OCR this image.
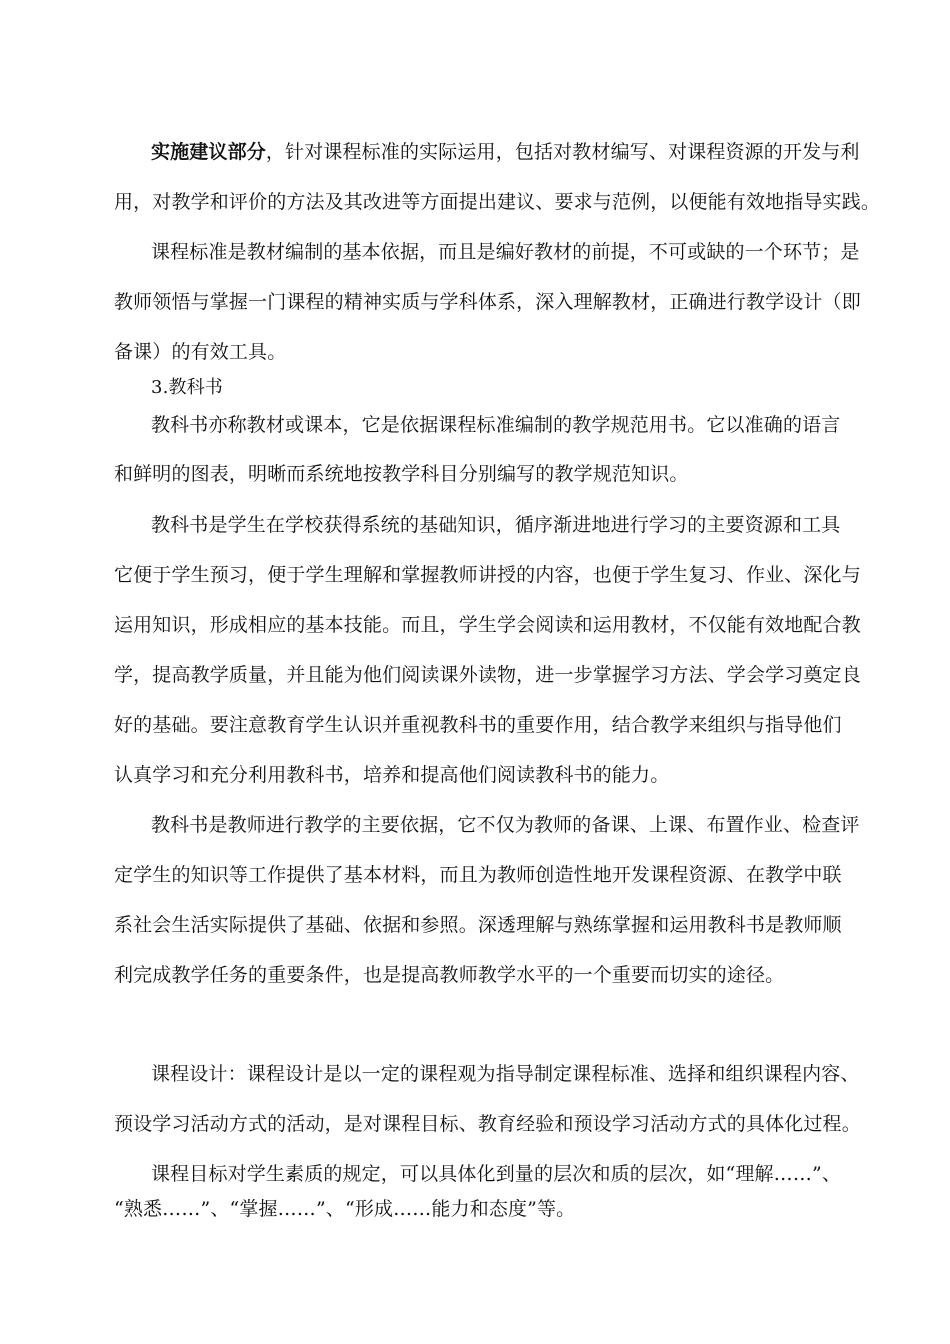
实施建议部分，针对课程标准的实际运用，包括对教材编写、对课程资源的开发与利
用，对教学和评价的方法及其改进等方面提出建议、要求与范例，以便能有效地指导实践。
课程标准是教材编制的基本依据，而且是编好教材的前提，不可或缺的一个环节；是
教师领悟与掌握一门课程的精神实质与学科体系，深入理解教材，正确进行教学设计（即
备课）的有效工具。
3.教科书
教科书亦称教材或课本，它是依据课程标准编制的教学规范用书。它以准确的语言
和鲜明的图表，明晰而系统地按教学科目分别编写的教学规范知识。
教科书是学生在学校获得系统的基础知识，循序渐进地进行学习的主要资源和工具
它便于学生预习，便于学生理解和掌握教师讲授的内容，也便于学生复习、作业、深化与
运用知识，形成相应的基本技能。而且，学生学会阅读和运用教材，不仅能有效地配合教
学，提高教学质量，并且能为他们阅读课外读物，进一步掌握学习方法、学会学习奠定良
好的基础。要注意教育学生认识并重视教科书的重要作用，结合教学来组织与指导他们
认真学习和充分利用教科书，培养和提高他们阅读教科书的能力。
教科书是教师进行教学的主要依据，它不仅为教师的备课、上课、布置作业、检查评
定学生的知识等工作提供了基本材料，而且为教师创造性地开发课程资源、在教学中联
系社会生活实际提供了基础、依据和参照。深透理解与熟练掌握和运用教科书是教师顺
利完成教学任务的重要条件，也是提高教师教学水平的一个重要而切实的途径。
课程设计：课程设计是以一定的课程观为指导制定课程标准、选择和组织课程内容、
预设学习活动方式的活动，是对课程目标、教育经验和预设学习活动方式的具体化过程。
课程目标对学生素质的规定，可以具体化到量的层次和质的层次，如“理解……”、
“熟悉……”、“掌握……”、“形成……能力和态度”等。
